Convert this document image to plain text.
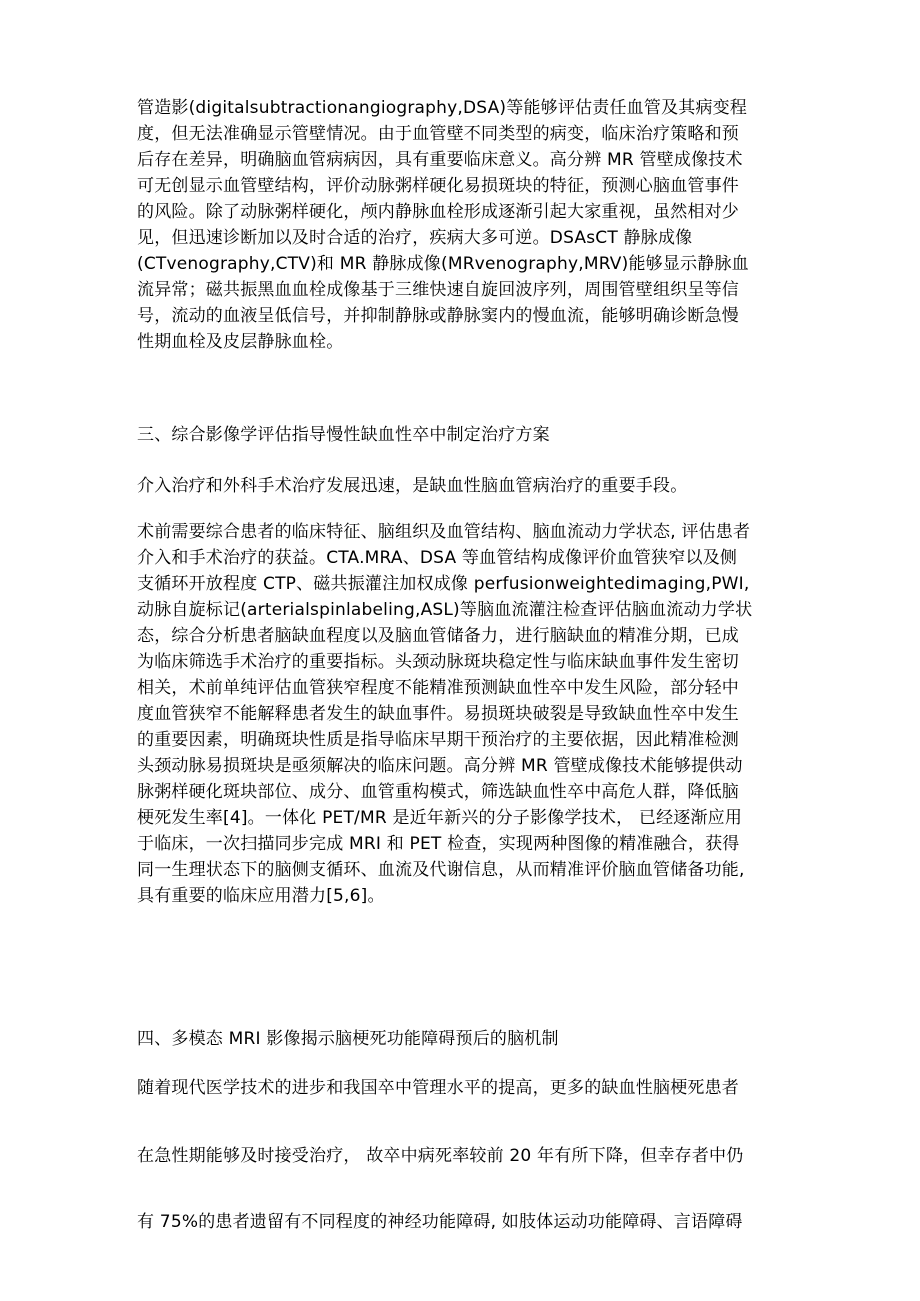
管造影(digitalsubtractionangiography,DSA)等能够评估责任血管及其病变程
度，但无法准确显示管壁情况。由于血管壁不同类型的病变，临床治疗策略和预
后存在差异，明确脑血管病病因，具有重要临床意义。高分辨 MR 管壁成像技术
可无创显示血管壁结构，评价动脉粥样硬化易损斑块的特征，预测心脑血管事件
的风险。除了动脉粥样硬化，颅内静脉血栓形成逐渐引起大家重视，虽然相对少
见，但迅速诊断加以及时合适的治疗，疾病大多可逆。DSAsCT 静脉成像
(CTvenography,CTV)和 MR 静脉成像(MRvenography,MRV)能够显示静脉血
流异常；磁共振黑血血栓成像基于三维快速自旋回波序列，周围管壁组织呈等信
号，流动的血液呈低信号，并抑制静脉或静脉窦内的慢血流，能够明确诊断急慢
性期血栓及皮层静脉血栓。
三、综合影像学评估指导慢性缺血性卒中制定治疗方案
介入治疗和外科手术治疗发展迅速，是缺血性脑血管病治疗的重要手段。
术前需要综合患者的临床特征、脑组织及血管结构、脑血流动力学状态, 评估患者
介入和手术治疗的获益。CTA.MRA、DSA 等血管结构成像评价血管狭窄以及侧
支循环开放程度 CTP、磁共振灌注加权成像 perfusionweightedimaging,PWI,
动脉自旋标记(arterialspinlabeling,ASL)等脑血流灌注检查评估脑血流动力学状
态，综合分析患者脑缺血程度以及脑血管储备力，进行脑缺血的精准分期，已成
为临床筛选手术治疗的重要指标。头颈动脉斑块稳定性与临床缺血事件发生密切
相关，术前单纯评估血管狭窄程度不能精准预测缺血性卒中发生风险，部分轻中
度血管狭窄不能解释患者发生的缺血事件。易损斑块破裂是导致缺血性卒中发生
的重要因素，明确斑块性质是指导临床早期干预治疗的主要依据，因此精准检测
头颈动脉易损斑块是亟须解决的临床问题。高分辨 MR 管壁成像技术能够提供动
脉粥样硬化斑块部位、成分、血管重构模式，筛选缺血性卒中高危人群，降低脑
梗死发生率[4]。一体化 PET/MR 是近年新兴的分子影像学技术， 已经逐渐应用
于临床，一次扫描同步完成 MRI 和 PET 检查，实现两种图像的精准融合，获得
同一生理状态下的脑侧支循环、血流及代谢信息，从而精准评价脑血管储备功能,
具有重要的临床应用潜力[5,6]。
四、多模态 MRI 影像揭示脑梗死功能障碍预后的脑机制
随着现代医学技术的进步和我国卒中管理水平的提高，更多的缺血性脑梗死患者
在急性期能够及时接受治疗， 故卒中病死率较前 20 年有所下降，但幸存者中仍
有 75%的患者遗留有不同程度的神经功能障碍, 如肢体运动功能障碍、言语障碍
